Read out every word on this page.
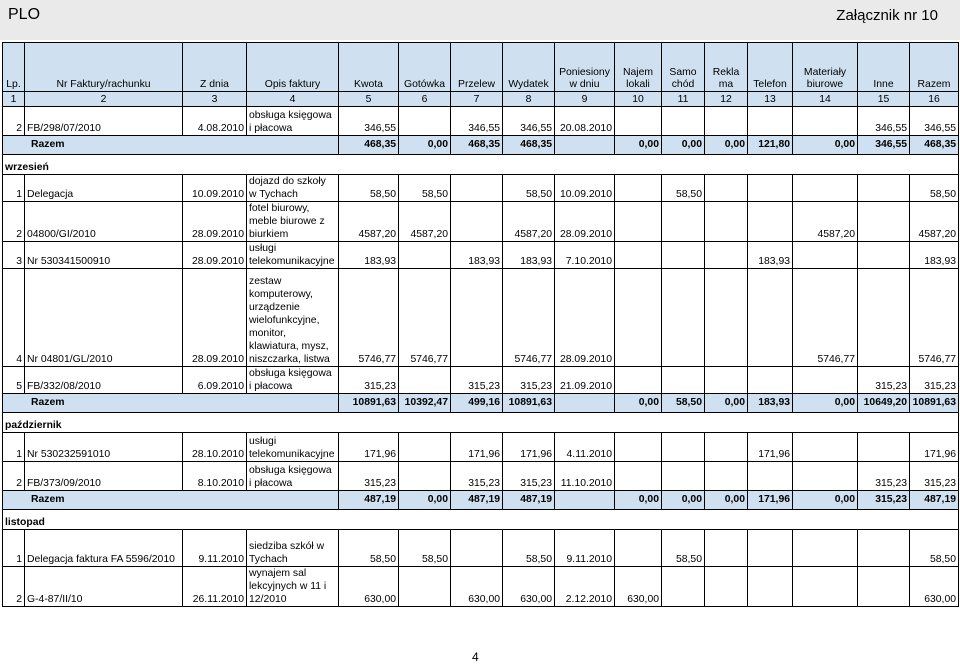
PLO	Załącznik nr 10
Lp.	Nr Faktury/rachunku	Z dnia	Opis faktury	Kwota	Gotówka	Przelew	Wydatek	Poniesiony w dniu	Najem lokali	Samo chód	Rekla ma	Telefon	Materiały biurowe	Inne	Razem
1	2	3	4	5	6	7	8	9	10	11	12	13	14	15	16
2	FB/298/07/2010	4.08.2010	obsługa księgowa i płacowa	346,55		346,55	346,55	20.08.2010						346,55	346,55
Razem				468,35	0,00	468,35	468,35		0,00	0,00	0,00	121,80	0,00	346,55	468,35
wrzesień															
1	Delegacja	10.09.2010	dojazd do szkoły w Tychach	58,50	58,50		58,50	10.09.2010		58,50					58,50
2	04800/GI/2010	28.09.2010	fotel biurowy, meble biurowe z biurkiem	4587,20	4587,20		4587,20	28.09.2010					4587,20		4587,20
3	Nr 530341500910	28.09.2010	usługi telekomunikacyjne	183,93		183,93	183,93	7.10.2010				183,93			183,93
4	Nr 04801/GL/2010	28.09.2010	zestaw komputerowy, urządzenie wielofunkcyjne, monitor, klawiatura, mysz, niszczarka, listwa	5746,77	5746,77		5746,77	28.09.2010					5746,77		5746,77
5	FB/332/08/2010	6.09.2010	obsługa księgowa i płacowa	315,23		315,23	315,23	21.09.2010						315,23	315,23
Razem				10891,63	10392,47	499,16	10891,63		0,00	58,50	0,00	183,93	0,00	10649,20	10891,63
październik															
1	Nr 530232591010	28.10.2010	usługi telekomunikacyjne	171,96		171,96	171,96	4.11.2010				171,96			171,96
2	FB/373/09/2010	8.10.2010	obsługa księgowa i płacowa	315,23		315,23	315,23	11.10.2010						315,23	315,23
Razem				487,19	0,00	487,19	487,19		0,00	0,00	0,00	171,96	0,00	315,23	487,19
listopad															
1	Delegacja faktura FA 5596/2010	9.11.2010	siedziba szkół w Tychach	58,50	58,50		58,50	9.11.2010		58,50					58,50
2	G-4-87/II/10	26.11.2010	wynajem sal lekcyjnych w 11 i 12/2010	630,00		630,00	630,00	2.12.2010	630,00						630,00
4
